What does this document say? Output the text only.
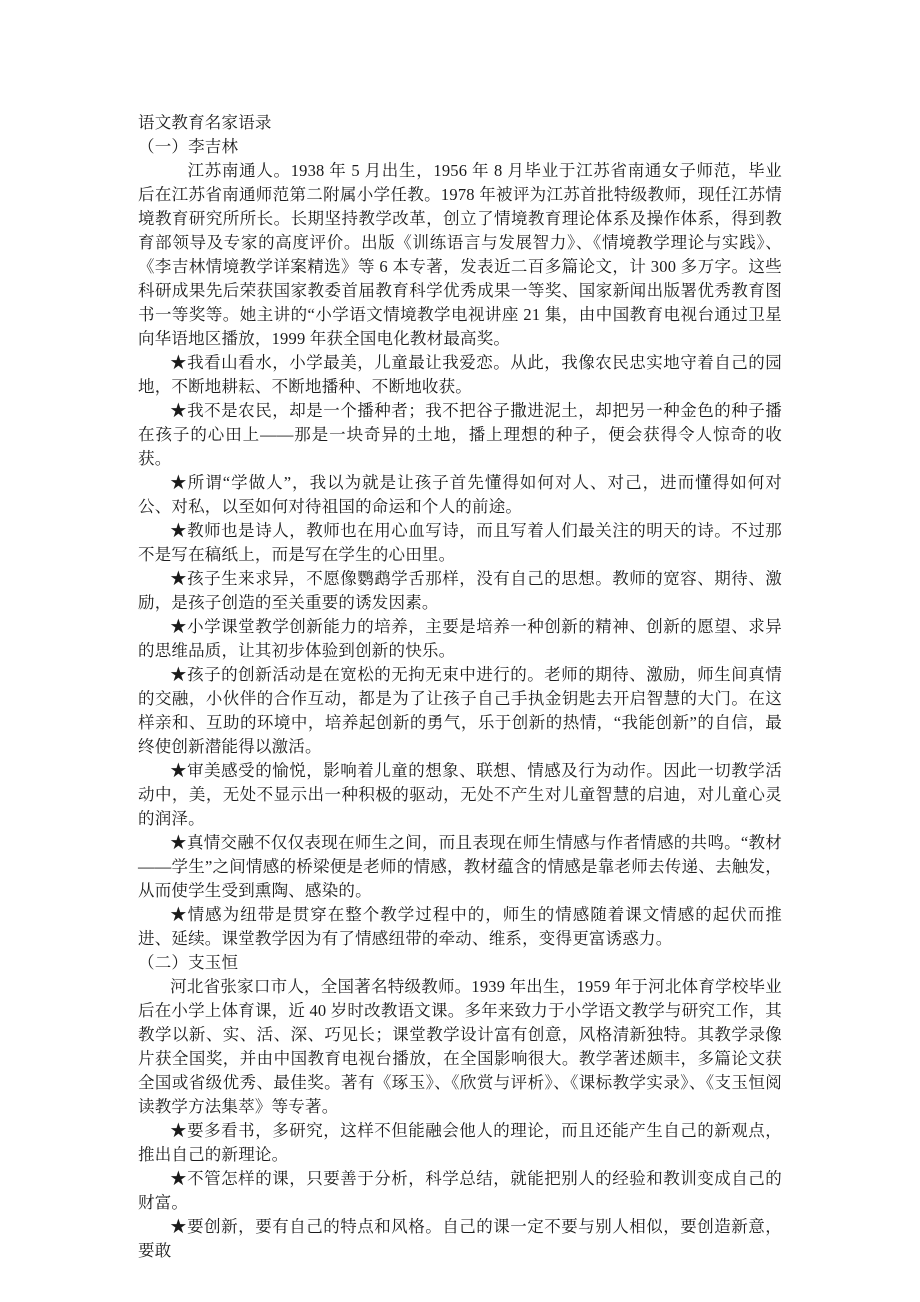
语文教育名家语录
（一）李吉林
江苏南通人。1938 年 5 月出生，1956 年 8 月毕业于江苏省南通女子师范，毕业后在江苏省南通师范第二附属小学任教。1978 年被评为江苏首批特级教师，现任江苏情境教育研究所所长。长期坚持教学改革，创立了情境教育理论体系及操作体系，得到教育部领导及专家的高度评价。出版《训练语言与发展智力》、《情境教学理论与实践》、《李吉林情境教学详案精选》等 6 本专著，发表近二百多篇论文，计 300 多万字。这些科研成果先后荣获国家教委首届教育科学优秀成果一等奖、国家新闻出版署优秀教育图书一等奖等。她主讲的“小学语文情境教学电视讲座 21 集，由中国教育电视台通过卫星向华语地区播放，1999 年获全国电化教材最高奖。
★我看山看水，小学最美，儿童最让我爱恋。从此，我像农民忠实地守着自己的园地，不断地耕耘、不断地播种、不断地收获。
★我不是农民，却是一个播种者；我不把谷子撒进泥土，却把另一种金色的种子播在孩子的心田上——那是一块奇异的土地，播上理想的种子，便会获得令人惊奇的收获。
★所谓“学做人”，我以为就是让孩子首先懂得如何对人、对己，进而懂得如何对公、对私，以至如何对待祖国的命运和个人的前途。
★教师也是诗人，教师也在用心血写诗，而且写着人们最关注的明天的诗。不过那不是写在稿纸上，而是写在学生的心田里。
★孩子生来求异，不愿像鹦鹉学舌那样，没有自己的思想。教师的宽容、期待、激励，是孩子创造的至关重要的诱发因素。
★小学课堂教学创新能力的培养，主要是培养一种创新的精神、创新的愿望、求异的思维品质，让其初步体验到创新的快乐。
★孩子的创新活动是在宽松的无拘无束中进行的。老师的期待、激励，师生间真情的交融，小伙伴的合作互动，都是为了让孩子自己手执金钥匙去开启智慧的大门。在这样亲和、互助的环境中，培养起创新的勇气，乐于创新的热情，“我能创新”的自信，最终使创新潜能得以激活。
★审美感受的愉悦，影响着儿童的想象、联想、情感及行为动作。因此一切教学活动中，美，无处不显示出一种积极的驱动，无处不产生对儿童智慧的启迪，对儿童心灵的润泽。
★真情交融不仅仅表现在师生之间，而且表现在师生情感与作者情感的共鸣。“教材——学生”之间情感的桥梁便是老师的情感，教材蕴含的情感是靠老师去传递、去触发，从而使学生受到熏陶、感染的。
★情感为纽带是贯穿在整个教学过程中的，师生的情感随着课文情感的起伏而推进、延续。课堂教学因为有了情感纽带的牵动、维系，变得更富诱惑力。
（二）支玉恒
河北省张家口市人，全国著名特级教师。1939 年出生，1959 年于河北体育学校毕业后在小学上体育课，近 40 岁时改教语文课。多年来致力于小学语文教学与研究工作，其教学以新、实、活、深、巧见长；课堂教学设计富有创意，风格清新独特。其教学录像片获全国奖，并由中国教育电视台播放，在全国影响很大。教学著述颇丰，多篇论文获全国或省级优秀、最佳奖。著有《琢玉》、《欣赏与评析》、《课标教学实录》、《支玉恒阅读教学方法集萃》等专著。
★要多看书，多研究，这样不但能融会他人的理论，而且还能产生自己的新观点，推出自己的新理论。
★不管怎样的课，只要善于分析，科学总结，就能把别人的经验和教训变成自己的财富。
★要创新，要有自己的特点和风格。自己的课一定不要与别人相似，要创造新意，要敢
